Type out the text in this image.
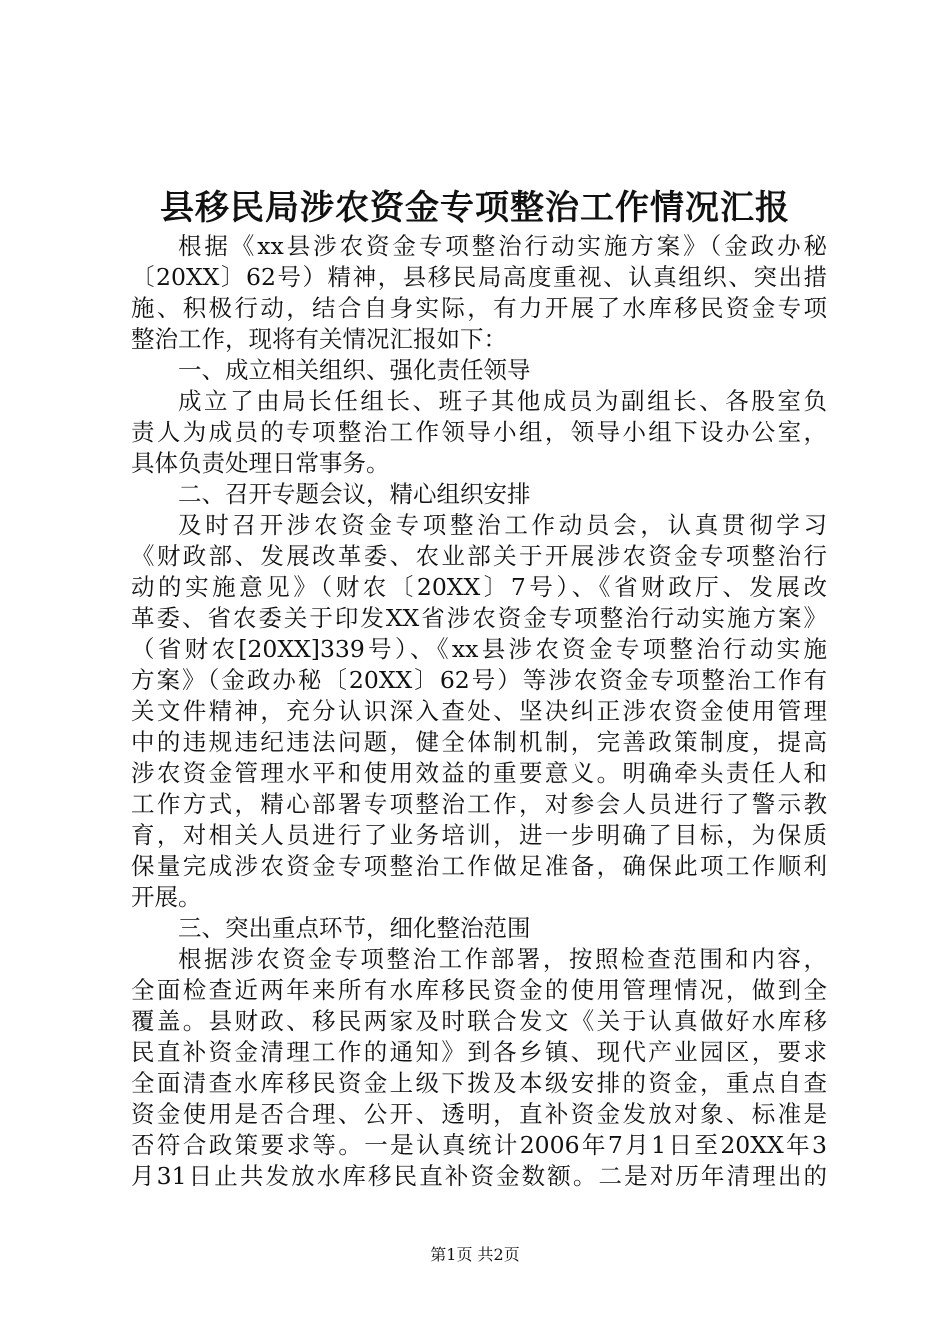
县移民局涉农资金专项整治工作情况汇报
根据《xx县涉农资金专项整治行动实施方案》（金政办秘
〔20XX〕62号）精神，县移民局高度重视、认真组织、突出措
施、积极行动，结合自身实际，有力开展了水库移民资金专项
整治工作，现将有关情况汇报如下：
一、成立相关组织、强化责任领导
成立了由局长任组长、班子其他成员为副组长、各股室负
责人为成员的专项整治工作领导小组，领导小组下设办公室，
具体负责处理日常事务。
二、召开专题会议，精心组织安排
及时召开涉农资金专项整治工作动员会，认真贯彻学习
《财政部、发展改革委、农业部关于开展涉农资金专项整治行
动的实施意见》（财农〔20XX〕7号）、《省财政厅、发展改
革委、省农委关于印发XX省涉农资金专项整治行动实施方案》
（省财农[20XX]339号）、《xx县涉农资金专项整治行动实施
方案》（金政办秘〔20XX〕62号）等涉农资金专项整治工作有
关文件精神，充分认识深入查处、坚决纠正涉农资金使用管理
中的违规违纪违法问题，健全体制机制，完善政策制度，提高
涉农资金管理水平和使用效益的重要意义。明确牵头责任人和
工作方式，精心部署专项整治工作，对参会人员进行了警示教
育，对相关人员进行了业务培训，进一步明确了目标，为保质
保量完成涉农资金专项整治工作做足准备，确保此项工作顺利
开展。
三、突出重点环节，细化整治范围
根据涉农资金专项整治工作部署，按照检查范围和内容，
全面检查近两年来所有水库移民资金的使用管理情况，做到全
覆盖。县财政、移民两家及时联合发文《关于认真做好水库移
民直补资金清理工作的通知》到各乡镇、现代产业园区，要求
全面清查水库移民资金上级下拨及本级安排的资金，重点自查
资金使用是否合理、公开、透明，直补资金发放对象、标准是
否符合政策要求等。一是认真统计2006年7月1日至20XX年3
月31日止共发放水库移民直补资金数额。二是对历年清理出的
第1页 共2页
